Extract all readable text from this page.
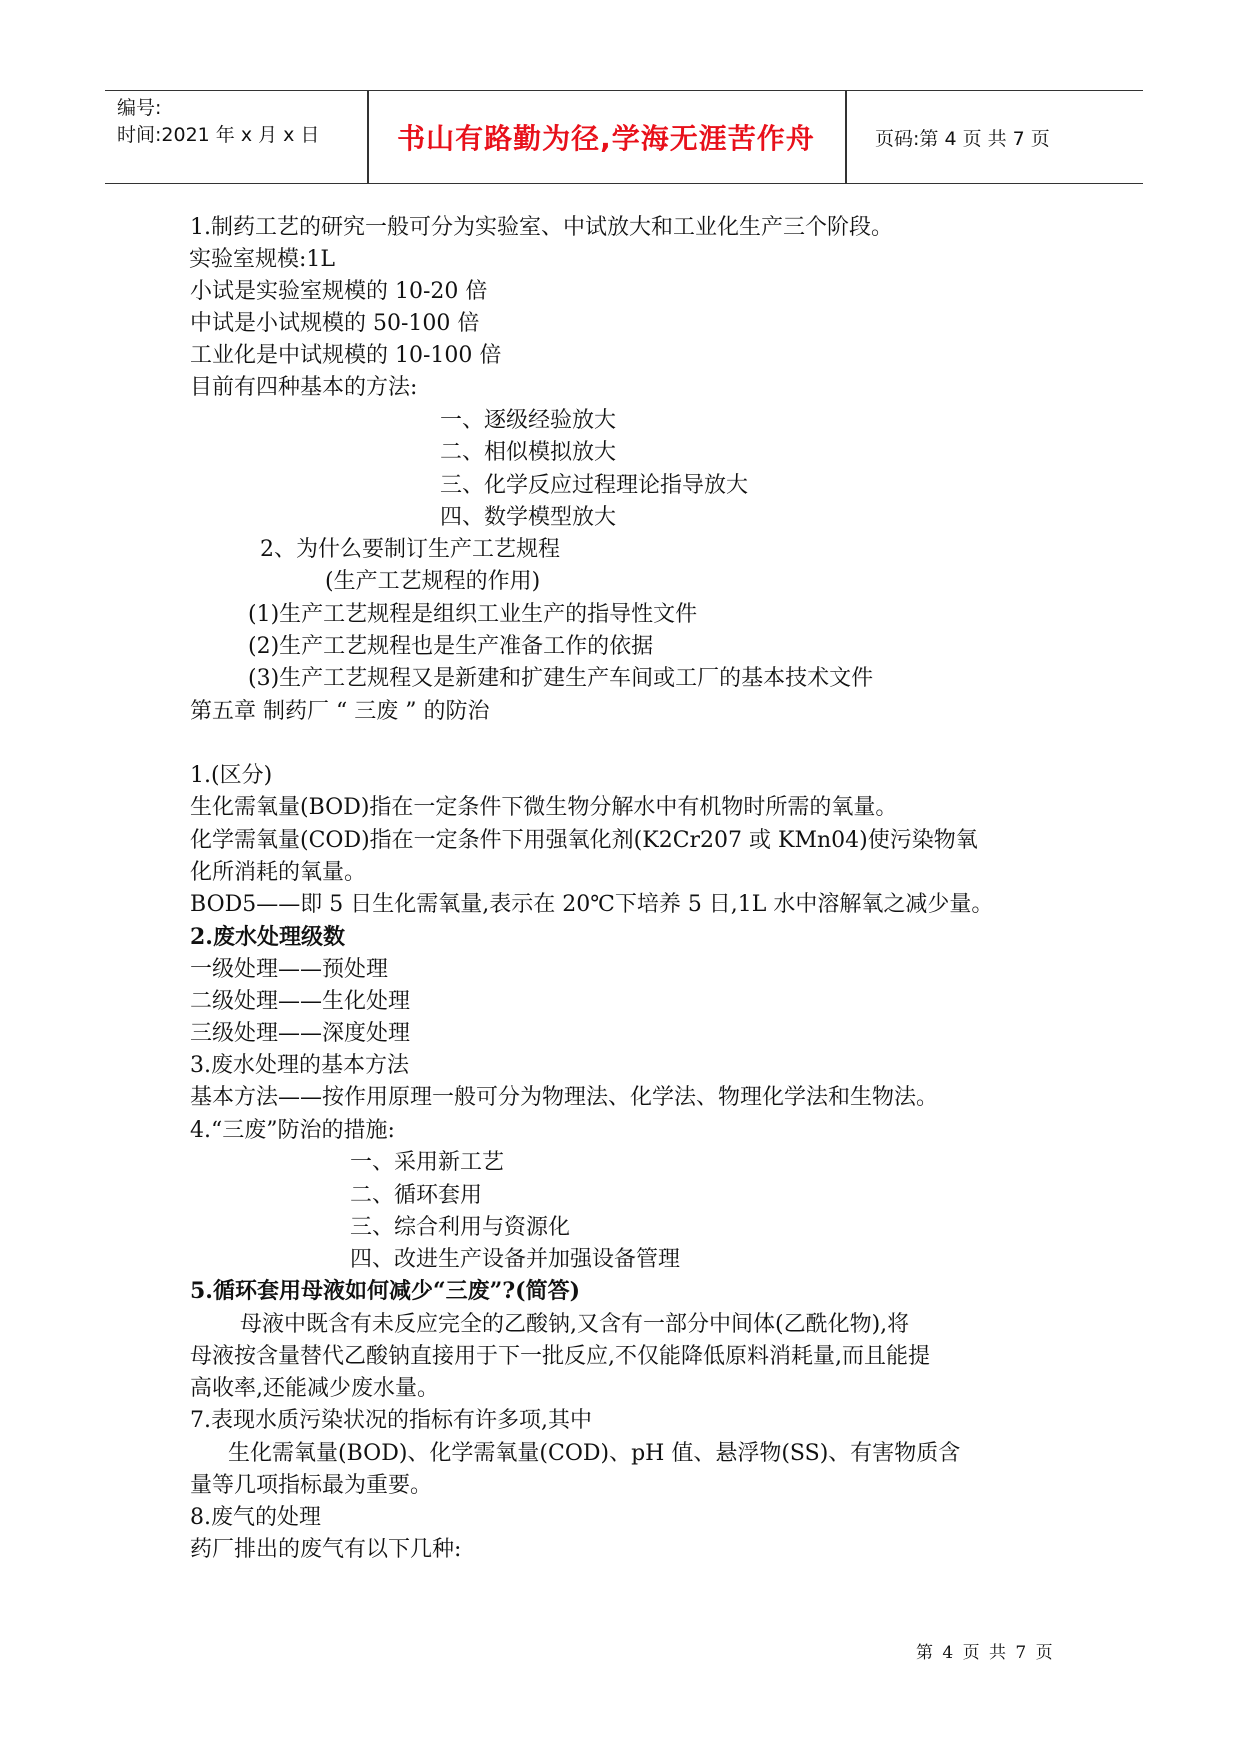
编号:
时间:2021 年 x 月 x 日	书山有路勤为径,学海无涯苦作舟	页码:第 4 页 共 7 页
1.制药工艺的研究一般可分为实验室、中试放大和工业化生产三个阶段。
实验室规模:1L
小试是实验室规模的 10-20 倍
中试是小试规模的 50-100 倍
工业化是中试规模的 10-100 倍
目前有四种基本的方法:
一、逐级经验放大
二、相似模拟放大
三、化学反应过程理论指导放大
四、数学模型放大
2、为什么要制订生产工艺规程
(生产工艺规程的作用)
(1)生产工艺规程是组织工业生产的指导性文件
(2)生产工艺规程也是生产准备工作的依据
(3)生产工艺规程又是新建和扩建生产车间或工厂的基本技术文件
第五章 制药厂 “ 三废 ” 的防治
1.(区分)
生化需氧量(BOD)指在一定条件下微生物分解水中有机物时所需的氧量。
化学需氧量(COD)指在一定条件下用强氧化剂(K2Cr207 或 KMn04)使污染物氧
化所消耗的氧量。
BOD5——即 5 日生化需氧量,表示在 20℃下培养 5 日,1L 水中溶解氧之减少量。
2.废水处理级数
一级处理——预处理
二级处理——生化处理
三级处理——深度处理
3.废水处理的基本方法
基本方法——按作用原理一般可分为物理法、化学法、物理化学法和生物法。
4.“三废”防治的措施:
一、采用新工艺
二、循环套用
三、综合利用与资源化
四、改进生产设备并加强设备管理
5.循环套用母液如何减少“三废”?(简答)
母液中既含有未反应完全的乙酸钠,又含有一部分中间体(乙酰化物),将
母液按含量替代乙酸钠直接用于下一批反应,不仅能降低原料消耗量,而且能提
高收率,还能减少废水量。
7.表现水质污染状况的指标有许多项,其中
生化需氧量(BOD)、化学需氧量(COD)、pH 值、悬浮物(SS)、有害物质含
量等几项指标最为重要。
8.废气的处理
药厂排出的废气有以下几种:
第 4 页 共 7 页
